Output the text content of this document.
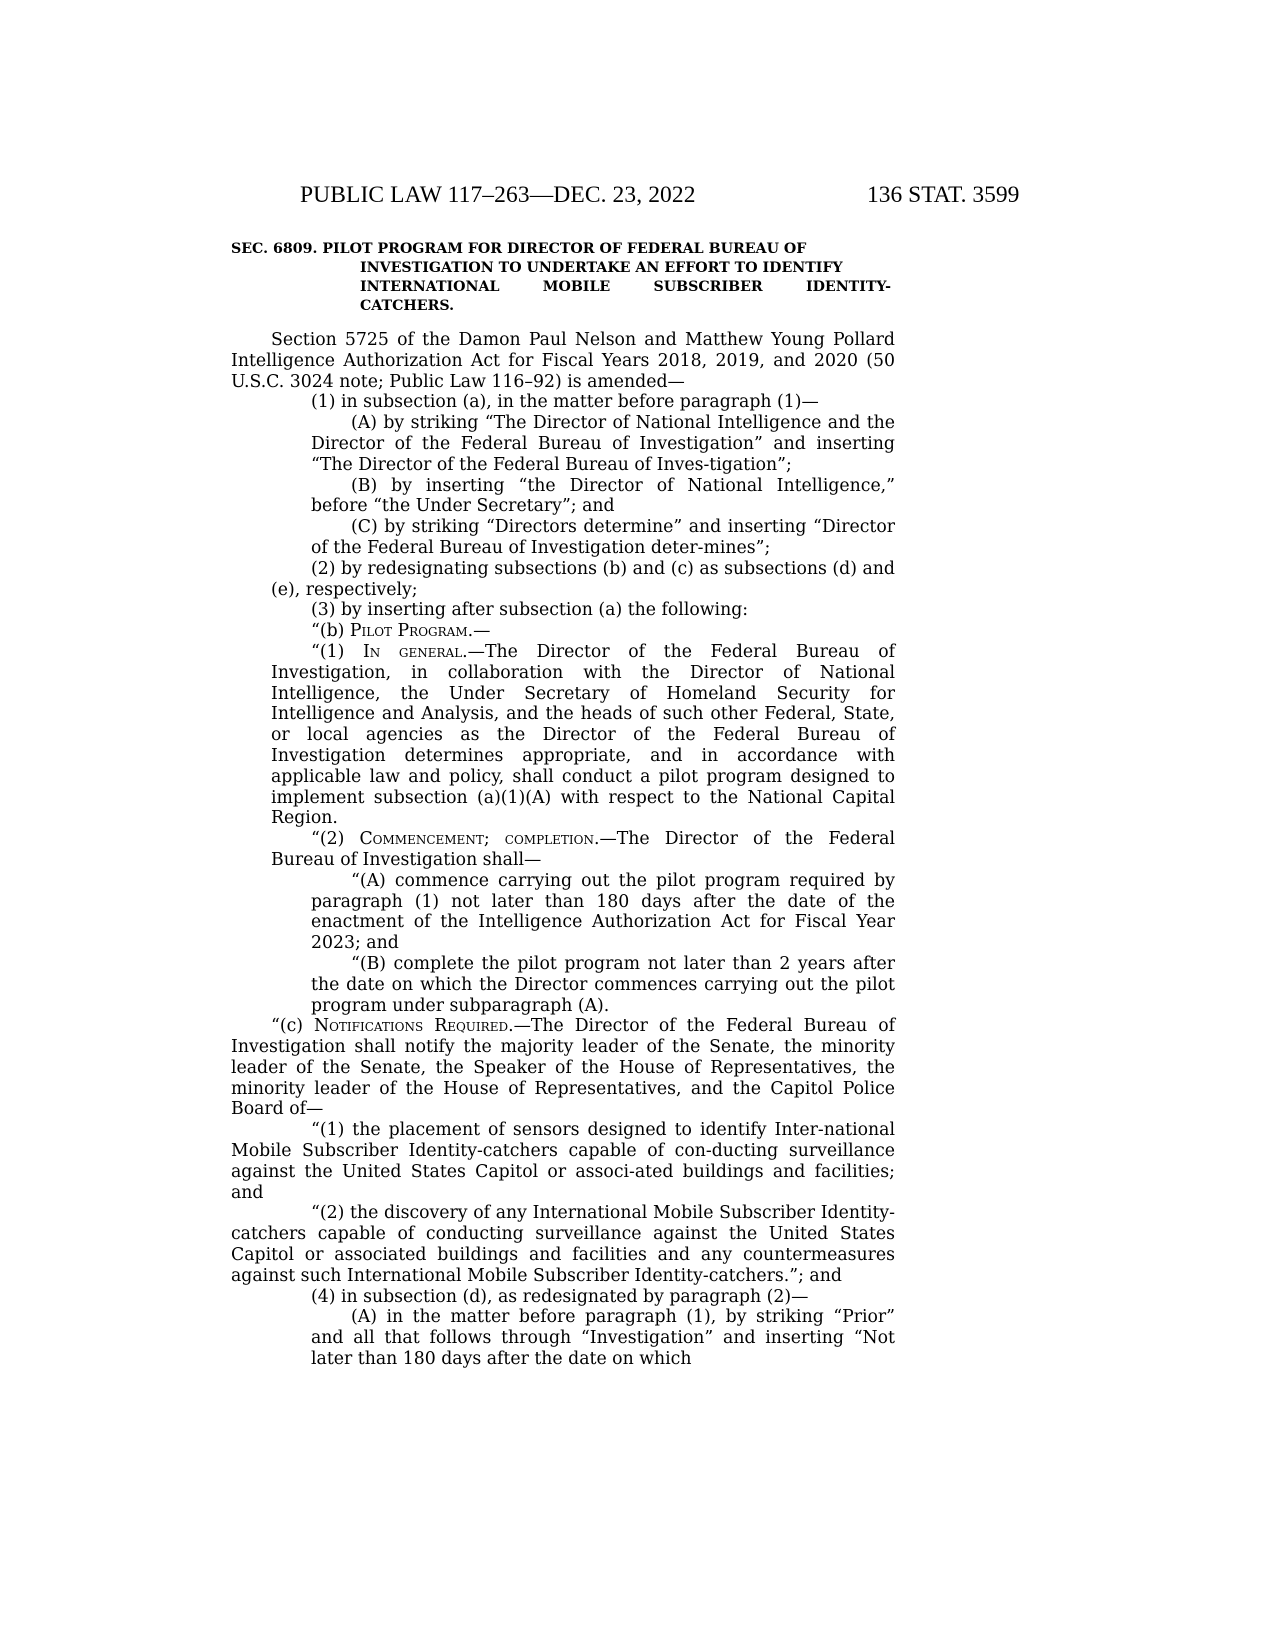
PUBLIC LAW 117–263—DEC. 23, 2022	136 STAT. 3599
SEC. 6809. PILOT PROGRAM FOR DIRECTOR OF FEDERAL BUREAU OF
INVESTIGATION TO UNDERTAKE AN EFFORT TO IDENTIFY
INTERNATIONAL	MOBILE	SUBSCRIBER	IDENTITY-
CATCHERS.

Section 5725 of the Damon Paul Nelson and Matthew Young Pollard Intelligence Authorization Act for Fiscal Years 2018, 2019, and 2020 (50 U.S.C. 3024 note; Public Law 116–92) is amended—

(1) in subsection (a), in the matter before paragraph (1)—

(A) by striking “The Director of National Intelligence and the Director of the Federal Bureau of Investigation” and inserting “The Director of the Federal Bureau of Inves-tigation”;

(B) by inserting “the Director of National Intelligence,” before “the Under Secretary”; and

(C) by striking “Directors determine” and inserting “Director of the Federal Bureau of Investigation deter-mines”;

(2) by redesignating subsections (b) and (c) as subsections (d) and (e), respectively;

(3) by inserting after subsection (a) the following:

“(b) Pilot Program.—

“(1) In general.—The Director of the Federal Bureau of Investigation, in collaboration with the Director of National Intelligence, the Under Secretary of Homeland Security for Intelligence and Analysis, and the heads of such other Federal, State, or local agencies as the Director of the Federal Bureau of Investigation determines appropriate, and in accordance with applicable law and policy, shall conduct a pilot program designed to implement subsection (a)(1)(A) with respect to the National Capital Region.

“(2) Commencement; completion.—The Director of the Federal Bureau of Investigation shall—

“(A) commence carrying out the pilot program required by paragraph (1) not later than 180 days after the date of the enactment of the Intelligence Authorization Act for Fiscal Year 2023; and

“(B) complete the pilot program not later than 2 years after the date on which the Director commences carrying out the pilot program under subparagraph (A).

“(c) Notifications Required.—The Director of the Federal Bureau of Investigation shall notify the majority leader of the Senate, the minority leader of the Senate, the Speaker of the House of Representatives, the minority leader of the House of Representatives, and the Capitol Police Board of—

“(1) the placement of sensors designed to identify Inter-national Mobile Subscriber Identity-catchers capable of con-ducting surveillance against the United States Capitol or associ-ated buildings and facilities; and

“(2) the discovery of any International Mobile Subscriber Identity-catchers capable of conducting surveillance against the United States Capitol or associated buildings and facilities and any countermeasures against such International Mobile Subscriber Identity-catchers.”; and

(4) in subsection (d), as redesignated by paragraph (2)—

(A) in the matter before paragraph (1), by striking “Prior” and all that follows through “Investigation” and inserting “Not later than 180 days after the date on which
